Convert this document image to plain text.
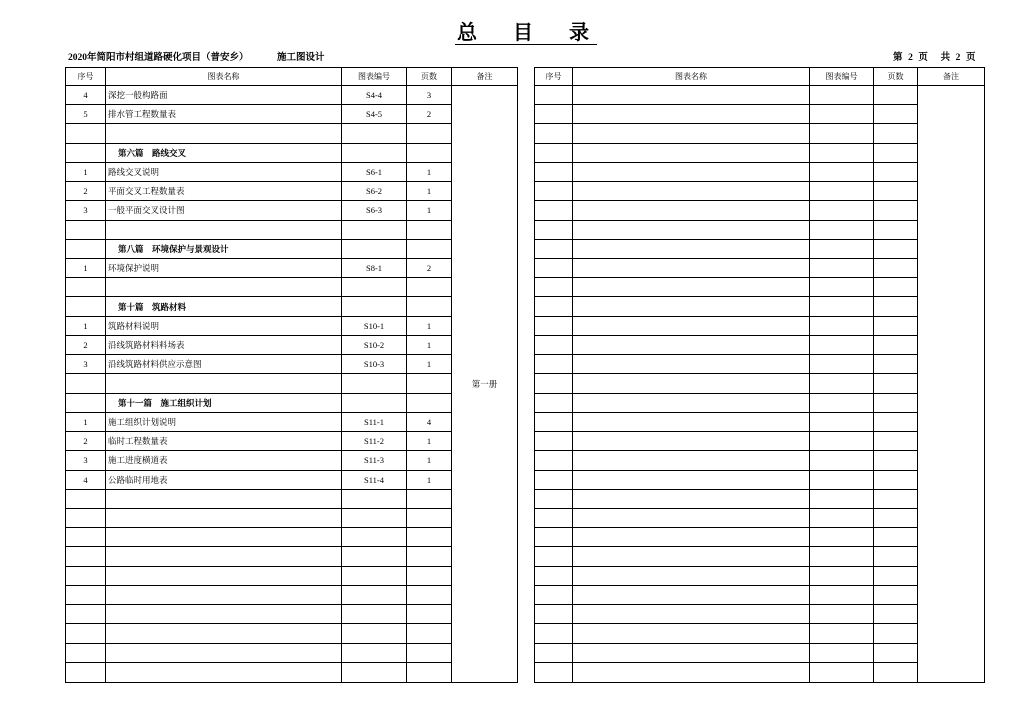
总　目　录
2020年简阳市村组道路硬化项目（普安乡）	施工图设计	第 2 页　共 2 页
序号	图表名称	图表编号	页数	备注
4	深挖一般构路面	S4-4	3
5	排水管工程数量表	S4-5	2
第六篇　路线交叉
1	路线交叉说明	S6-1	1
2	平面交叉工程数量表	S6-2	1
3	一般平面交叉设计图	S6-3	1
第八篇　环境保护与景观设计
1	环境保护说明	S8-1	2
第十篇　筑路材料
1	筑路材料说明	S10-1	1
2	沿线筑路材料料场表	S10-2	1
3	沿线筑路材料供应示意图	S10-3	1
第十一篇　施工组织计划
1	施工组织计划说明	S11-1	4
2	临时工程数量表	S11-2	1
3	施工进度横道表	S11-3	1
4	公路临时用地表	S11-4	1
第一册
序号	图表名称	图表编号	页数	备注
